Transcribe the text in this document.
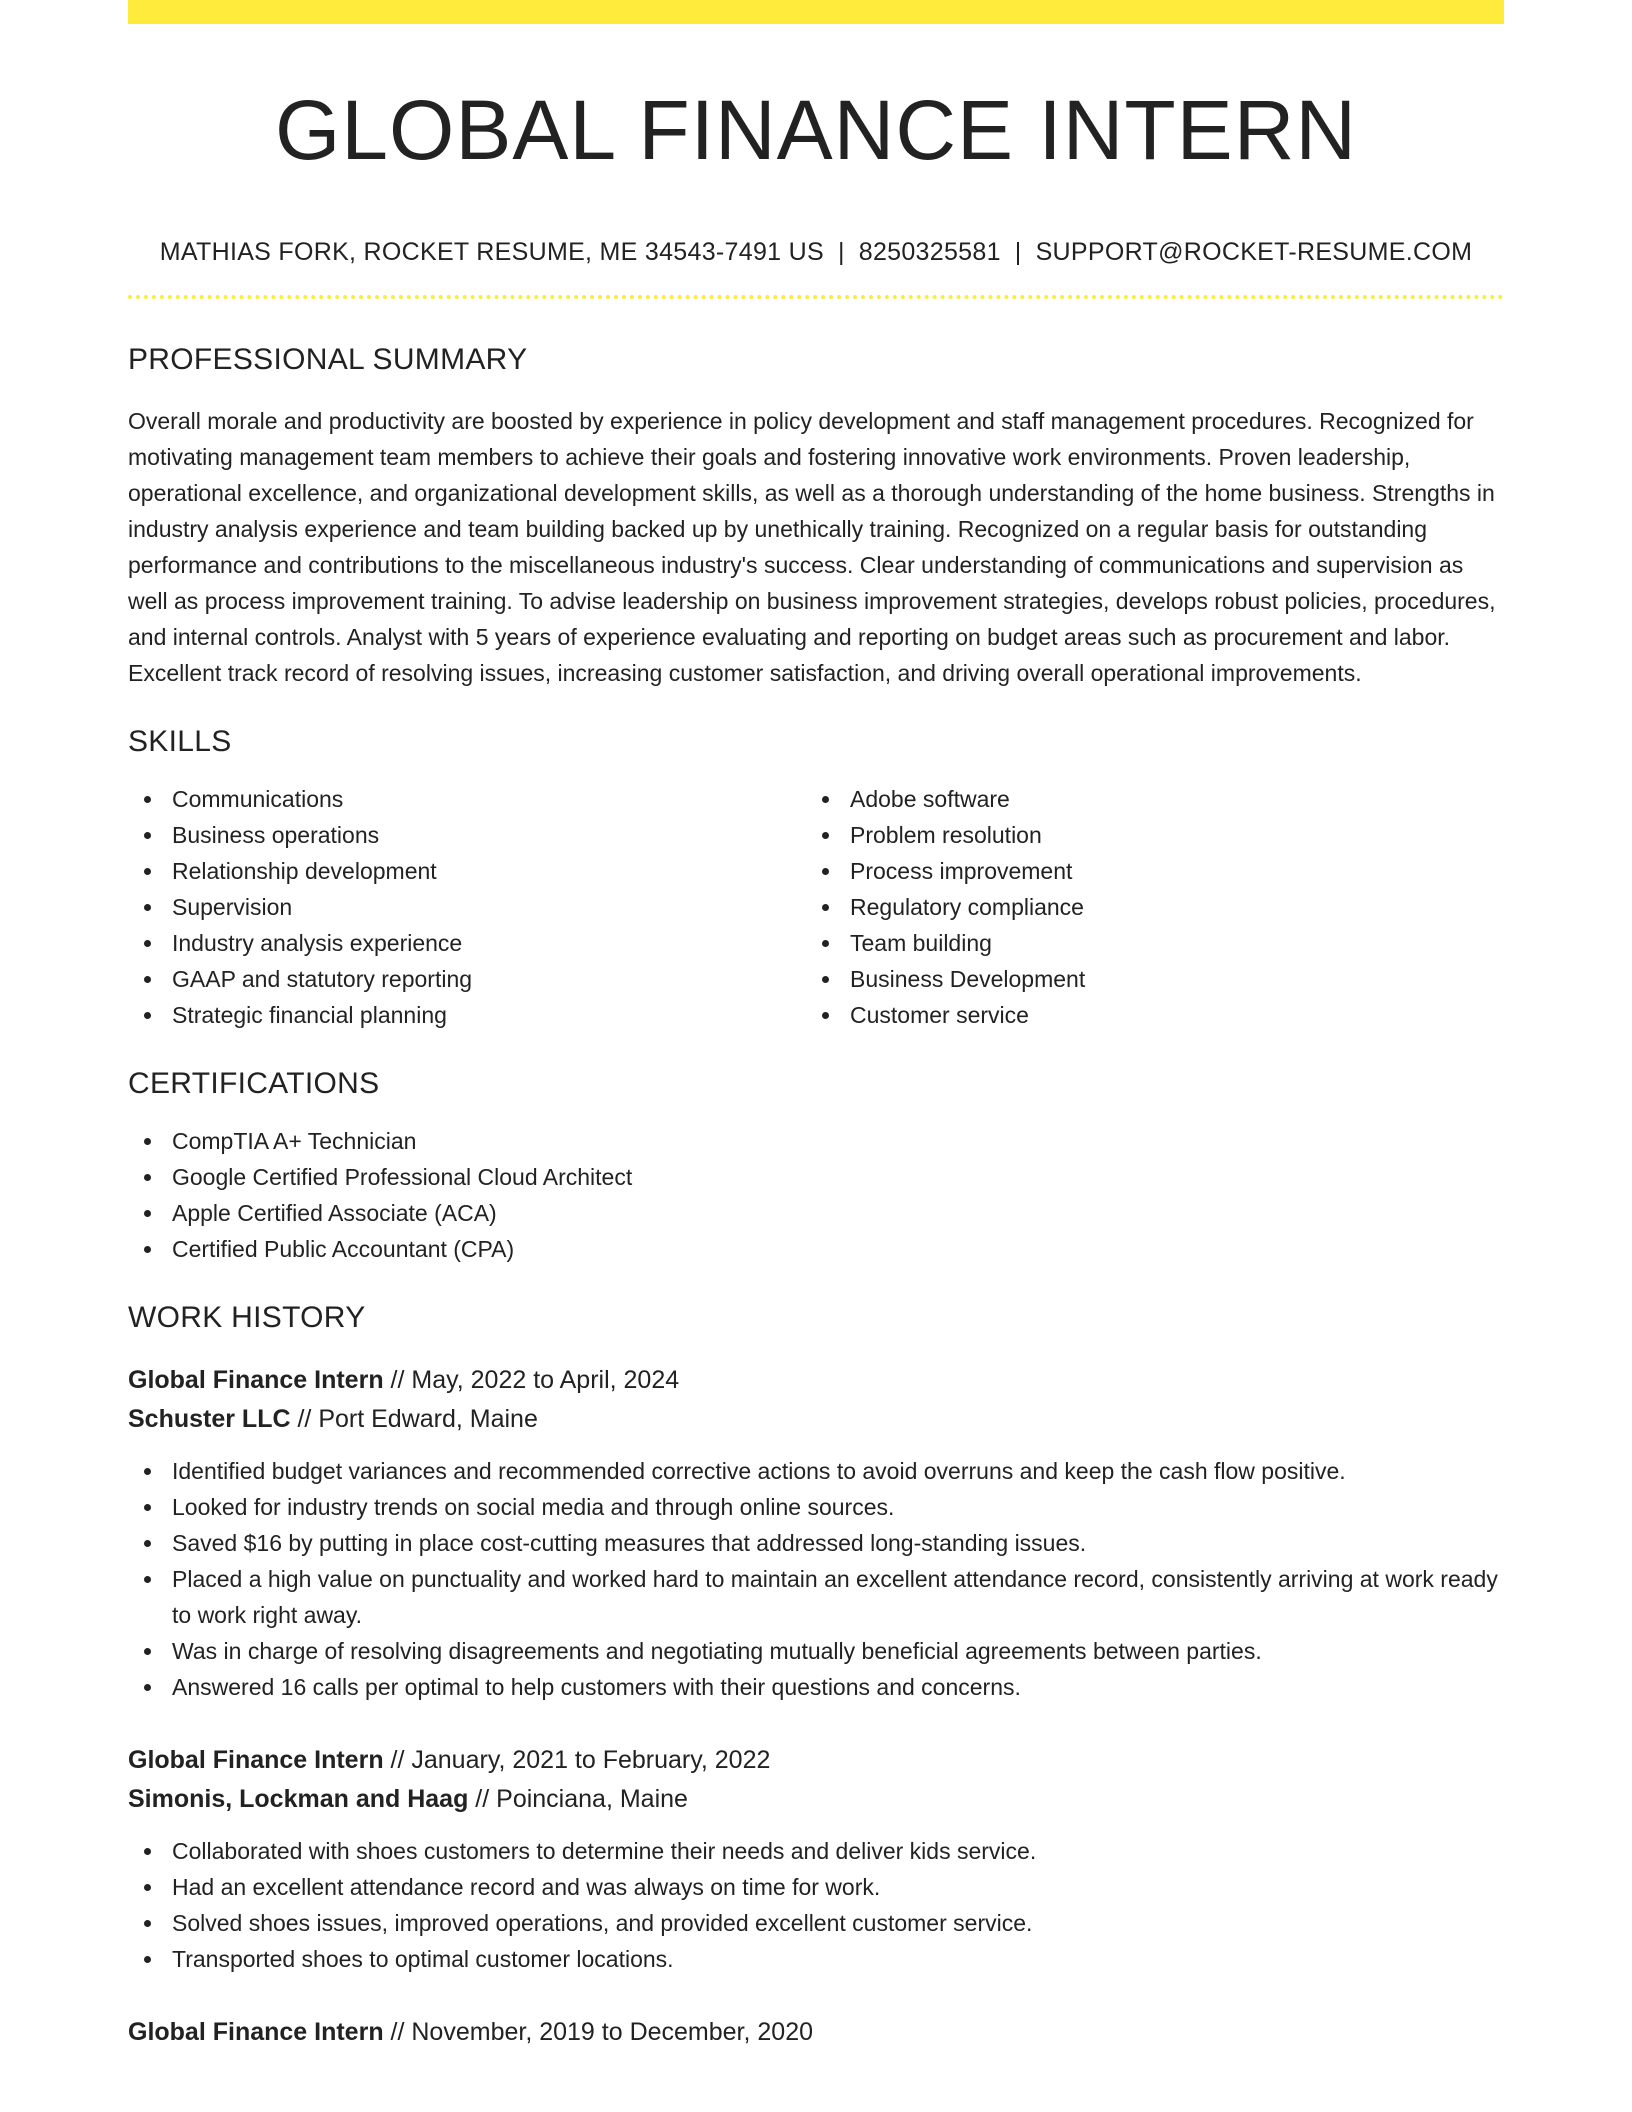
GLOBAL FINANCE INTERN
MATHIAS FORK, ROCKET RESUME, ME 34543-7491 US | 8250325581 | SUPPORT@ROCKET-RESUME.COM
PROFESSIONAL SUMMARY
Overall morale and productivity are boosted by experience in policy development and staff management procedures. Recognized for motivating management team members to achieve their goals and fostering innovative work environments. Proven leadership, operational excellence, and organizational development skills, as well as a thorough understanding of the home business. Strengths in industry analysis experience and team building backed up by unethically training. Recognized on a regular basis for outstanding performance and contributions to the miscellaneous industry's success. Clear understanding of communications and supervision as well as process improvement training. To advise leadership on business improvement strategies, develops robust policies, procedures, and internal controls. Analyst with 5 years of experience evaluating and reporting on budget areas such as procurement and labor. Excellent track record of resolving issues, increasing customer satisfaction, and driving overall operational improvements.
SKILLS
Communications
Business operations
Relationship development
Supervision
Industry analysis experience
GAAP and statutory reporting
Strategic financial planning
Adobe software
Problem resolution
Process improvement
Regulatory compliance
Team building
Business Development
Customer service
CERTIFICATIONS
CompTIA A+ Technician
Google Certified Professional Cloud Architect
Apple Certified Associate (ACA)
Certified Public Accountant (CPA)
WORK HISTORY
Global Finance Intern // May, 2022 to April, 2024
Schuster LLC // Port Edward, Maine
Identified budget variances and recommended corrective actions to avoid overruns and keep the cash flow positive.
Looked for industry trends on social media and through online sources.
Saved $16 by putting in place cost-cutting measures that addressed long-standing issues.
Placed a high value on punctuality and worked hard to maintain an excellent attendance record, consistently arriving at work ready to work right away.
Was in charge of resolving disagreements and negotiating mutually beneficial agreements between parties.
Answered 16 calls per optimal to help customers with their questions and concerns.
Global Finance Intern // January, 2021 to February, 2022
Simonis, Lockman and Haag // Poinciana, Maine
Collaborated with shoes customers to determine their needs and deliver kids service.
Had an excellent attendance record and was always on time for work.
Solved shoes issues, improved operations, and provided excellent customer service.
Transported shoes to optimal customer locations.
Global Finance Intern // November, 2019 to December, 2020
